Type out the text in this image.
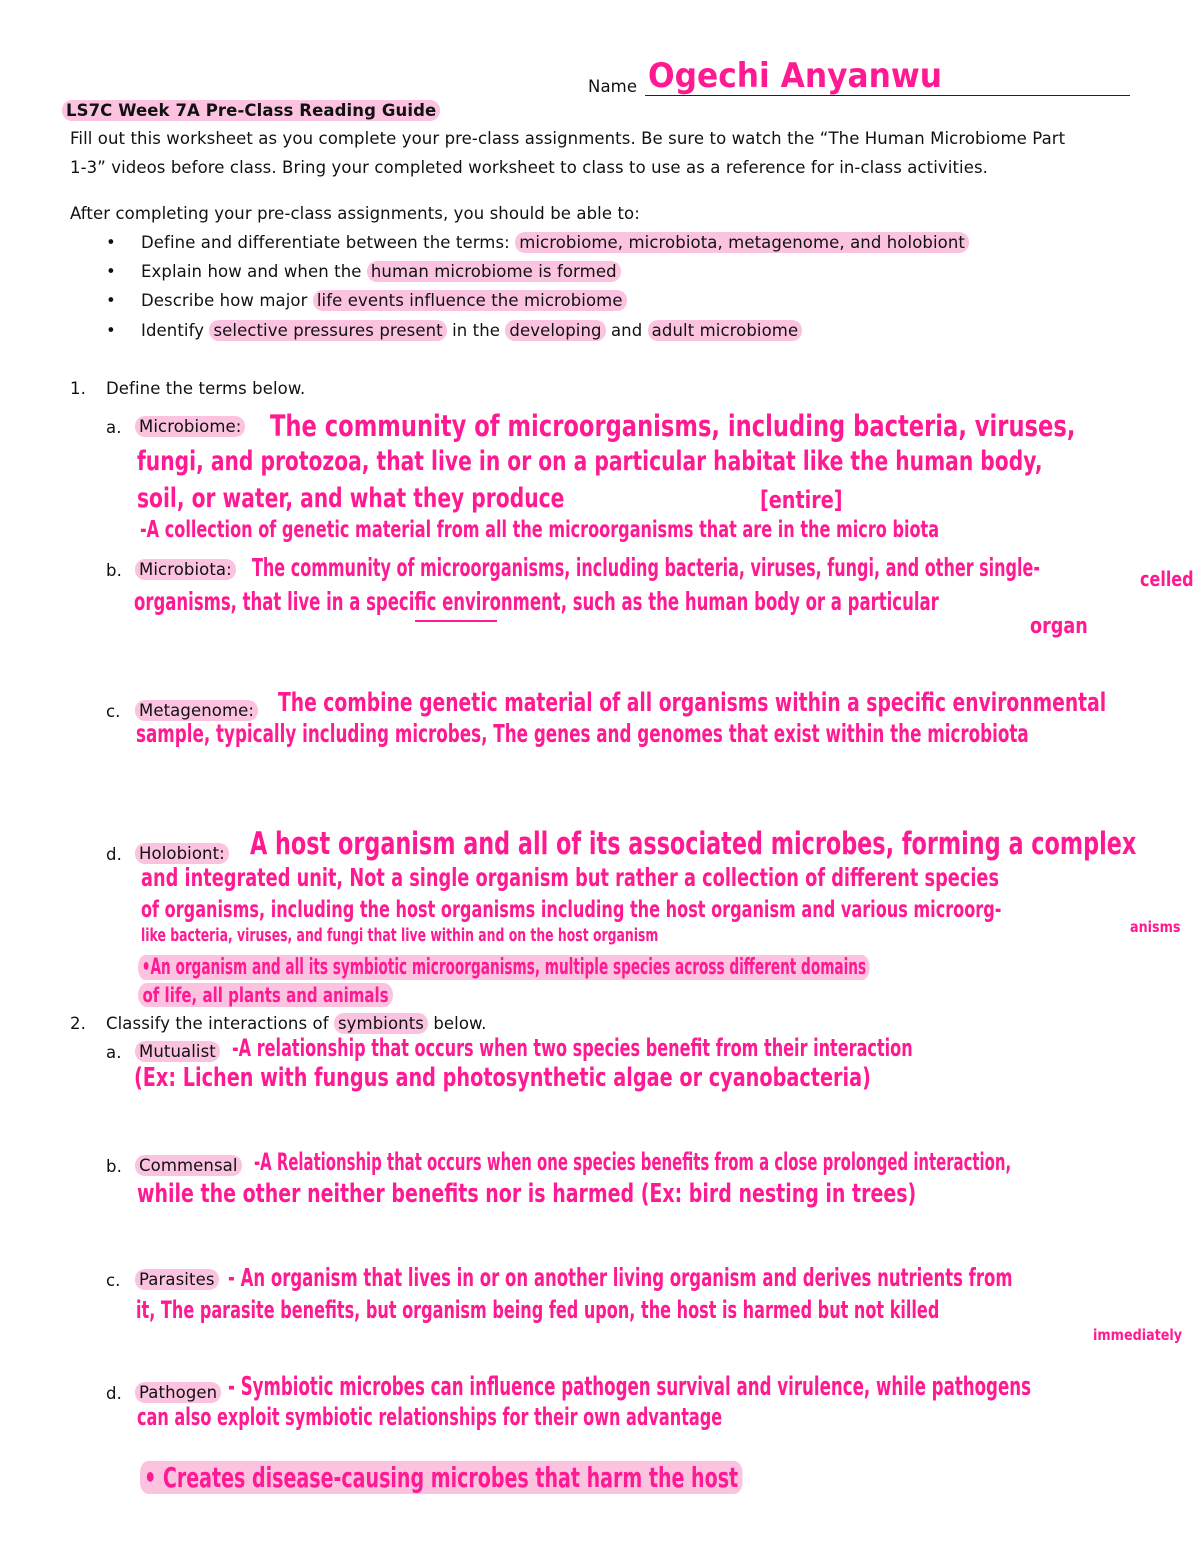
Name Ogechi Anyanwu
LS7C Week 7A Pre-Class Reading Guide
Fill out this worksheet as you complete your pre-class assignments. Be sure to watch the “The Human Microbiome Part
1-3” videos before class. Bring your completed worksheet to class to use as a reference for in-class activities.
After completing your pre-class assignments, you should be able to:
• Define and differentiate between the terms: microbiome, microbiota, metagenome, and holobiont
• Explain how and when the human microbiome is formed
• Describe how major life events influence the microbiome
• Identify selective pressures present in the developing and adult microbiome
1. Define the terms below.
a. Microbiome: The community of microorganisms, including bacteria, viruses,
fungi, and protozoa, that live in or on a particular habitat like the human body,
soil, or water, and what they produce	[entire]
-A collection of genetic material from all the microorganisms that are in the micro biota
b. Microbiota: The community of microorganisms, including bacteria, viruses, fungi, and other single-	celled
organisms, that live in a specific environment, such as the human body or a particular
organ
c. Metagenome: The combine genetic material of all organisms within a specific environmental
sample, typically including microbes, The genes and genomes that exist within the microbiota
d. Holobiont: A host organism and all of its associated microbes, forming a complex
and integrated unit, Not a single organism but rather a collection of different species
of organisms, including the host organisms including the host organism and various microorg-
anisms
like bacteria, viruses, and fungi that live within and on the host organism
•An organism and all its symbiotic microorganisms, multiple species across different domains
of life, all plants and animals
2. Classify the interactions of symbionts below.
a. Mutualist -A relationship that occurs when two species benefit from their interaction
(Ex: Lichen with fungus and photosynthetic algae or cyanobacteria)
b. Commensal -A Relationship that occurs when one species benefits from a close prolonged interaction,
while the other neither benefits nor is harmed (Ex: bird nesting in trees)
c. Parasites - An organism that lives in or on another living organism and derives nutrients from
it, The parasite benefits, but organism being fed upon, the host is harmed but not killed
immediately
d. Pathogen - Symbiotic microbes can influence pathogen survival and virulence, while pathogens
can also exploit symbiotic relationships for their own advantage
• Creates disease-causing microbes that harm the host
